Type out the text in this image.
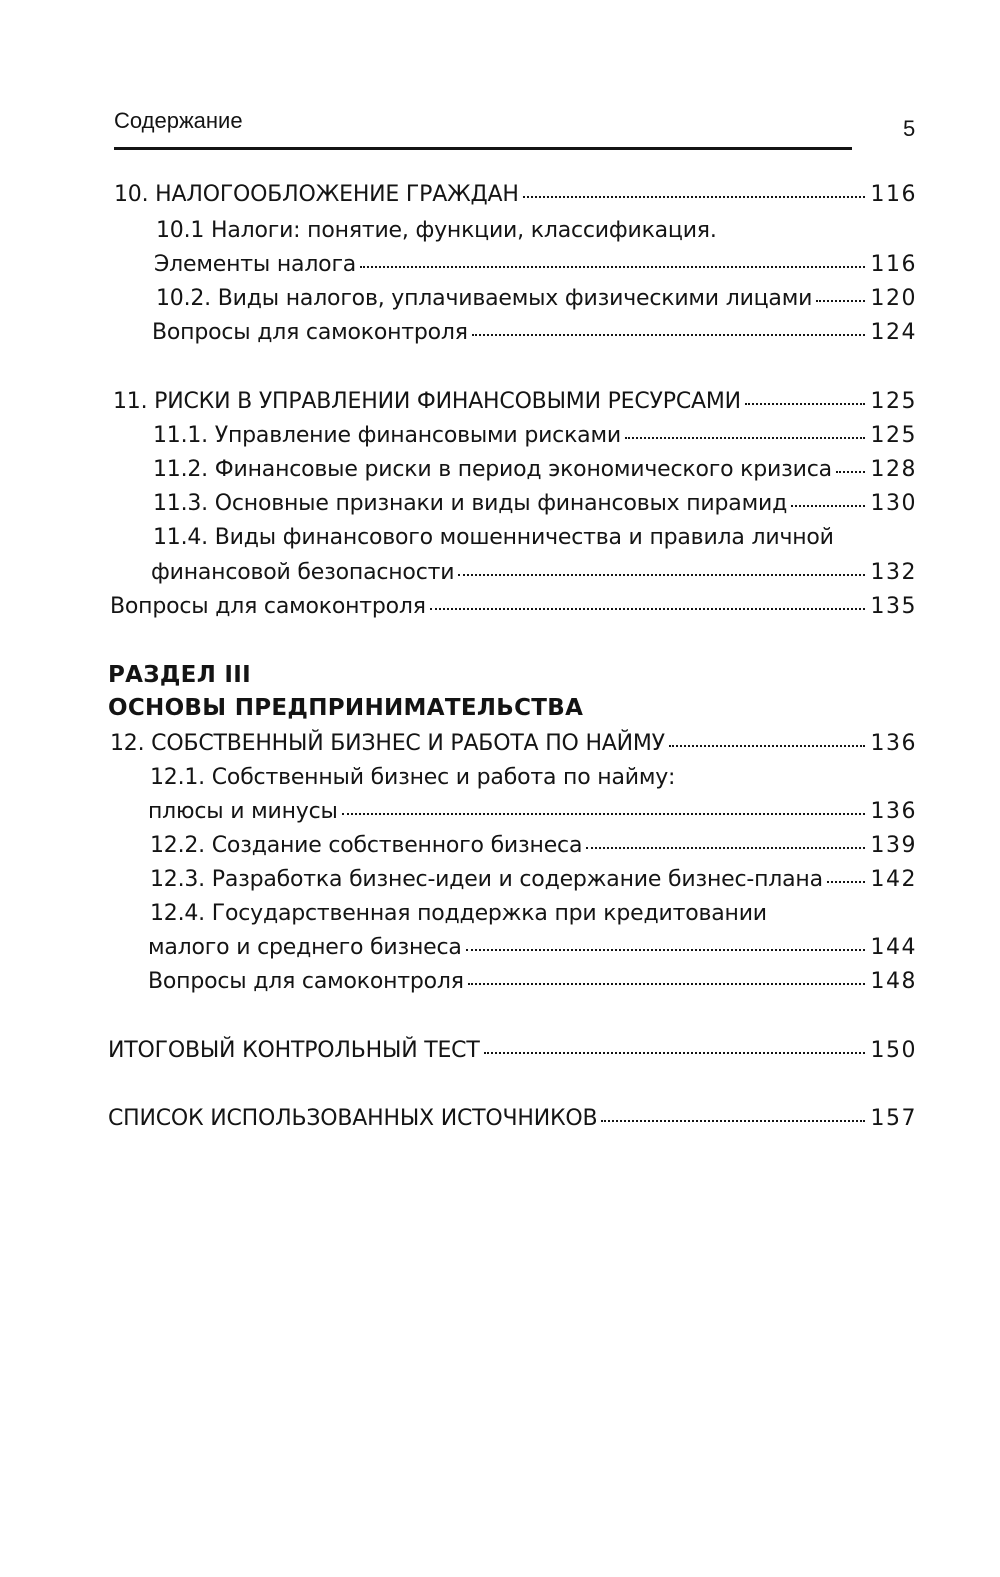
Содержание	5
10. НАЛОГООБЛОЖЕНИЕ ГРАЖДАН	116
10.1 Налоги: понятие, функции, классификация.
Элементы налога	116
10.2. Виды налогов, уплачиваемых физическими лицами	120
Вопросы для самоконтроля	124
11. РИСКИ В УПРАВЛЕНИИ ФИНАНСОВЫМИ РЕСУРСАМИ	125
11.1. Управление финансовыми рисками	125
11.2. Финансовые риски в период экономического кризиса 128
11.3. Основные признаки и виды финансовых пирамид	130
11.4. Виды финансового мошенничества и правила личной
финансовой безопасности	132
Вопросы для самоконтроля	135
РАЗДЕЛ III
ОСНОВЫ ПРЕДПРИНИМАТЕЛЬСТВА
12. СОБСТВЕННЫЙ БИЗНЕС И РАБОТА ПО НАЙМУ	136
12.1. Собственный бизнес и работа по найму:
плюсы и минусы	136
12.2. Создание собственного бизнеса	139
12.3. Разработка бизнес-идеи и содержание бизнес-плана 142
12.4. Государственная поддержка при кредитовании
малого и среднего бизнеса	144
Вопросы для самоконтроля	148
ИТОГОВЫЙ КОНТРОЛЬНЫЙ ТЕСТ	150
СПИСОК ИСПОЛЬЗОВАННЫХ ИСТОЧНИКОВ	157
